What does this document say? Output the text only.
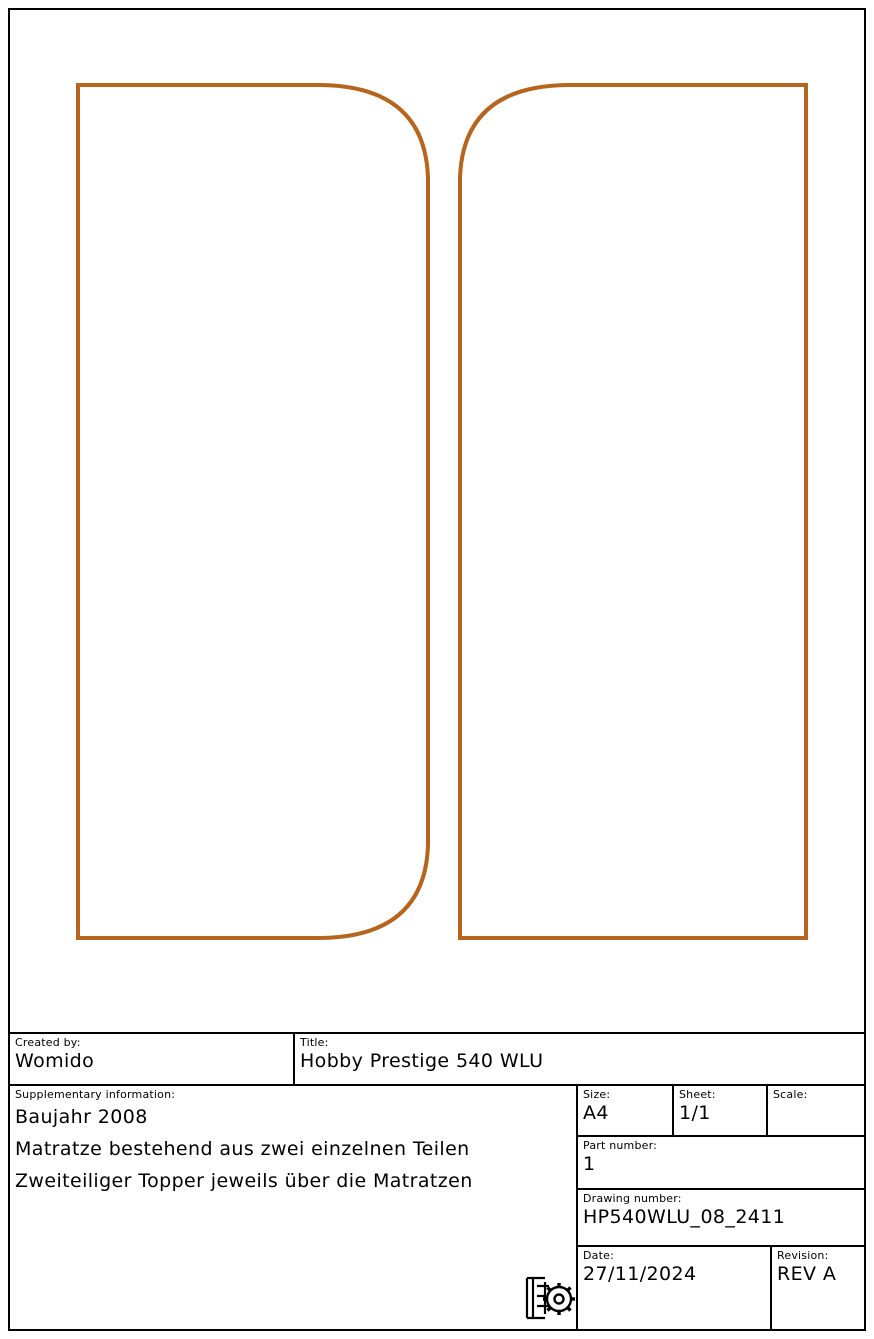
Created by:
Womido
Title:
Hobby Prestige 540 WLU
Supplementary information:
Baujahr 2008
Matratze bestehend aus zwei einzelnen Teilen
Zweiteiliger Topper jeweils über die Matratzen
Size:
A4
Sheet:
1/1
Scale:
Part number:
1
Drawing number:
HP540WLU_08_2411
Date:
27/11/2024
Revision:
REV A
